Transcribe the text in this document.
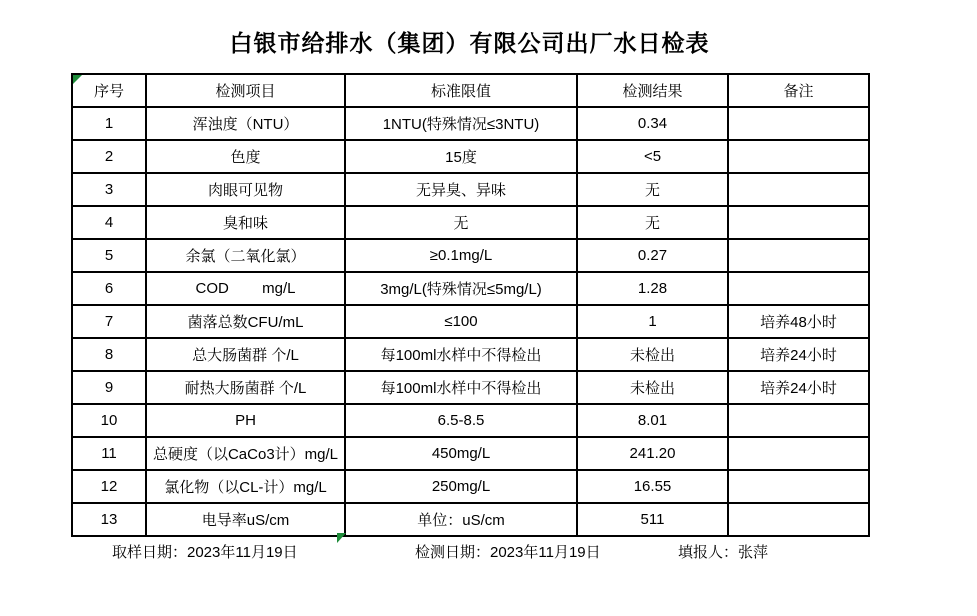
白银市给排水（集团）有限公司出厂水日检表
序号	检测项目	标准限值	检测结果	备注
1	浑浊度（NTU）	1NTU(特殊情况≤3NTU)	0.34	
2	色度	15度	<5	
3	肉眼可见物	无异臭、异味	无	
4	臭和味	无	无	
5	余氯（二氧化氯）	≥0.1mg/L	0.27	
6	COD        mg/L	3mg/L(特殊情况≤5mg/L)	1.28	
7	菌落总数CFU/mL	≤100	1	培养48小时
8	总大肠菌群 个/L	每100ml水样中不得检出	未检出	培养24小时
9	耐热大肠菌群 个/L	每100ml水样中不得检出	未检出	培养24小时
10	PH	6.5-8.5	8.01	
11	总硬度（以CaCo3计）mg/L	450mg/L	241.20	
12	氯化物（以CL-计）mg/L	250mg/L	16.55	
13	电导率uS/cm	单位：uS/cm	511	
取样日期：2023年11月19日	检测日期：2023年11月19日	填报人：张萍
